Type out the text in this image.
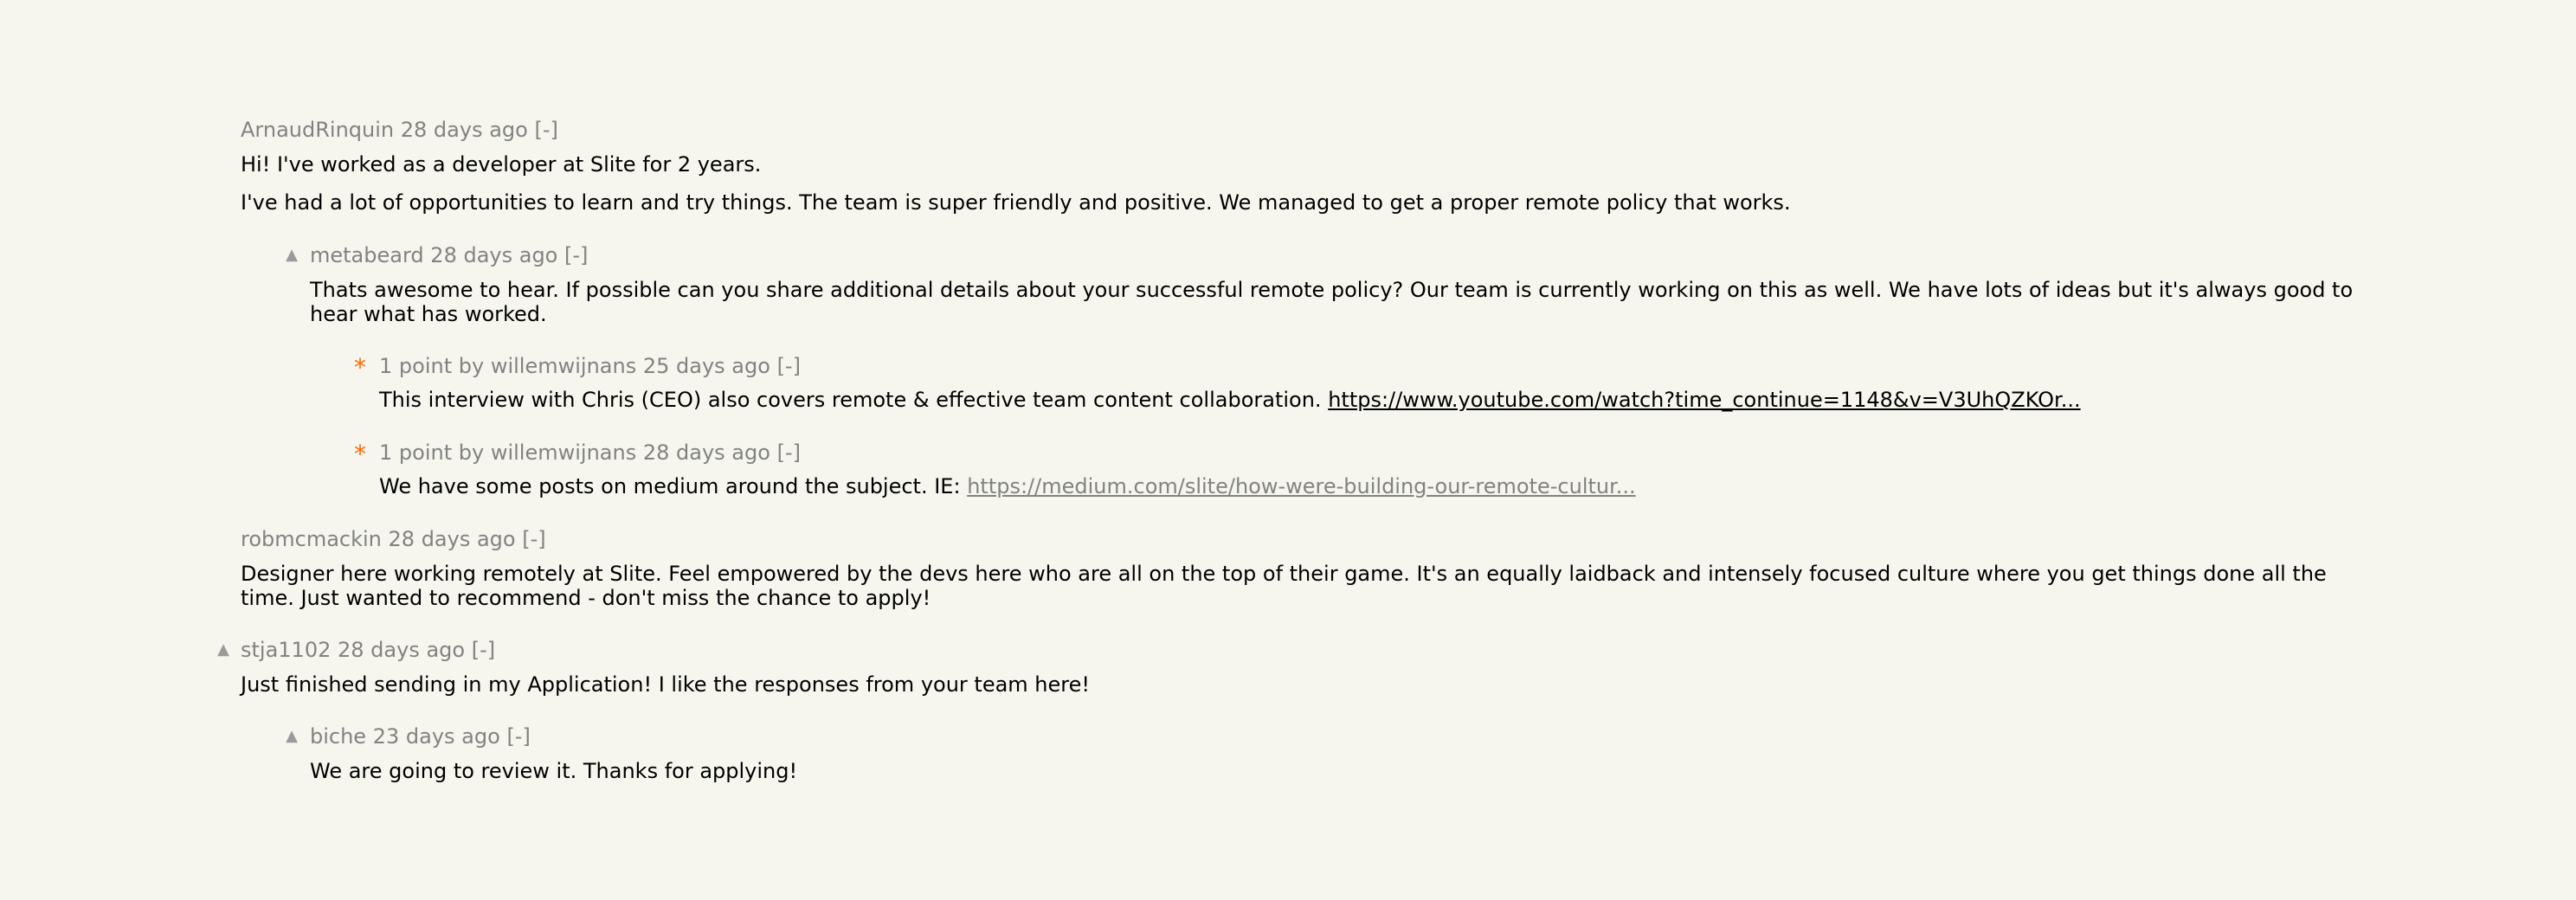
ArnaudRinquin 28 days ago [-]

Hi! I've worked as a developer at Slite for 2 years.

I've had a lot of opportunities to learn and try things. The team is super friendly and positive. We managed to get a proper remote policy that works.

▲ metabeard 28 days ago [-]

Thats awesome to hear. If possible can you share additional details about your successful remote policy? Our team is currently working on this as well. We have lots of ideas but it's always good to hear what has worked.

* 1 point by willemwijnans 25 days ago [-]

This interview with Chris (CEO) also covers remote & effective team content collaboration. https://www.youtube.com/watch?time_continue=1148&v=V3UhQZKOr...

* 1 point by willemwijnans 28 days ago [-]

We have some posts on medium around the subject. IE: https://medium.com/slite/how-were-building-our-remote-cultur...

robmcmackin 28 days ago [-]

Designer here working remotely at Slite. Feel empowered by the devs here who are all on the top of their game. It's an equally laidback and intensely focused culture where you get things done all the time. Just wanted to recommend - don't miss the chance to apply!

▲ stja1102 28 days ago [-]

Just finished sending in my Application! I like the responses from your team here!

▲ biche 23 days ago [-]

We are going to review it. Thanks for applying!
